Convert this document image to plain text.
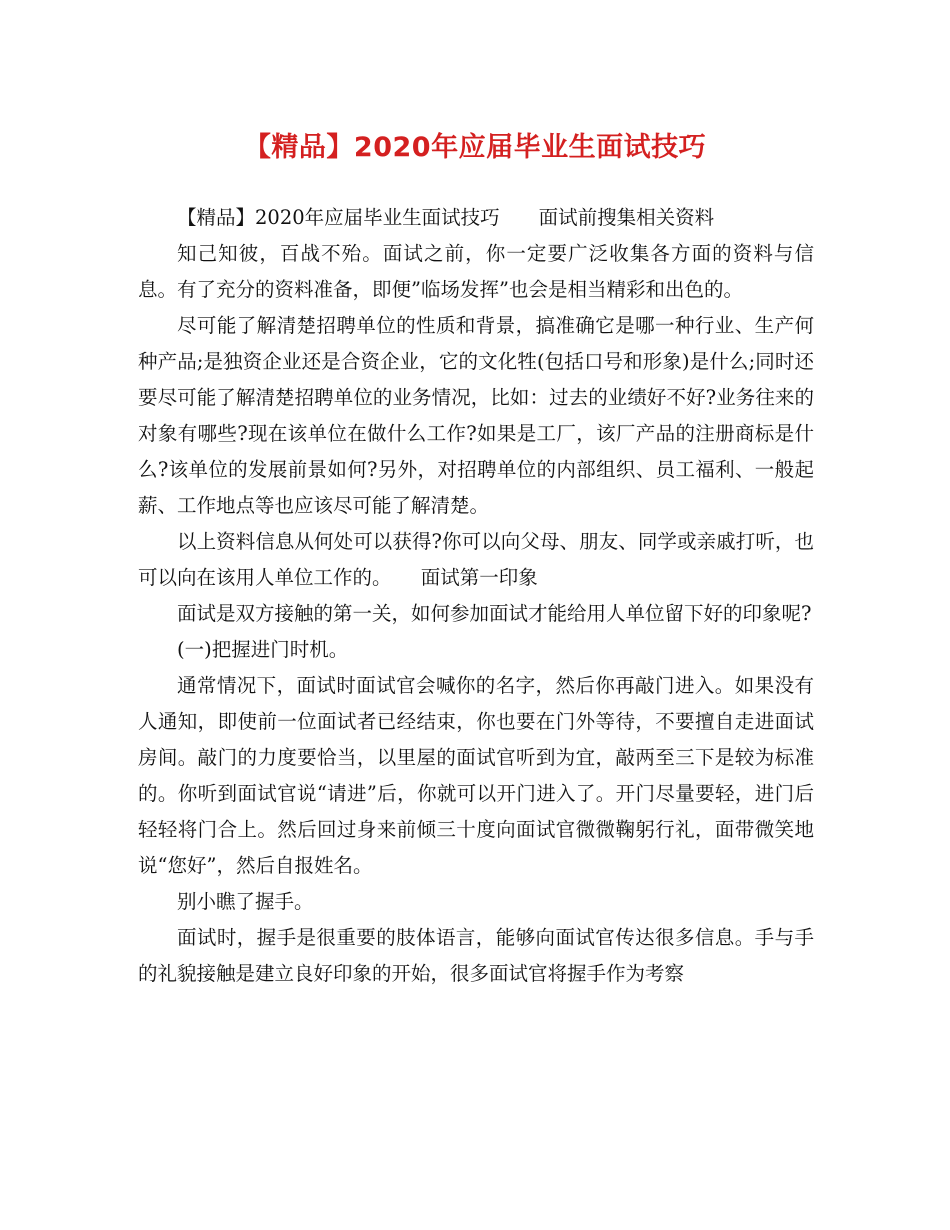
【精品】2020年应届毕业生面试技巧

【精品】2020年应届毕业生面试技巧　　面试前搜集相关资料

知己知彼，百战不殆。面试之前，你一定要广泛收集各方面的资料与信息。有了充分的资料准备，即便”临场发挥”也会是相当精彩和出色的。

尽可能了解清楚招聘单位的性质和背景，搞准确它是哪一种行业、生产何种产品;是独资企业还是合资企业，它的文化牲(包括口号和形象)是什么;同时还要尽可能了解清楚招聘单位的业务情况，比如：过去的业绩好不好?业务往来的对象有哪些?现在该单位在做什么工作?如果是工厂，该厂产品的注册商标是什么?该单位的发展前景如何?另外，对招聘单位的内部组织、员工福利、一般起薪、工作地点等也应该尽可能了解清楚。

以上资料信息从何处可以获得?你可以向父母、朋友、同学或亲戚打听，也可以向在该用人单位工作的。　　面试第一印象

面试是双方接触的第一关，如何参加面试才能给用人单位留下好的印象呢?

(一)把握进门时机。

通常情况下，面试时面试官会喊你的名字，然后你再敲门进入。如果没有人通知，即使前一位面试者已经结束，你也要在门外等待，不要擅自走进面试房间。敲门的力度要恰当，以里屋的面试官听到为宜，敲两至三下是较为标准的。你听到面试官说“请进”后，你就可以开门进入了。开门尽量要轻，进门后轻轻将门合上。然后回过身来前倾三十度向面试官微微鞠躬行礼，面带微笑地说“您好”，然后自报姓名。

别小瞧了握手。

面试时，握手是很重要的肢体语言，能够向面试官传达很多信息。手与手的礼貌接触是建立良好印象的开始，很多面试官将握手作为考察
